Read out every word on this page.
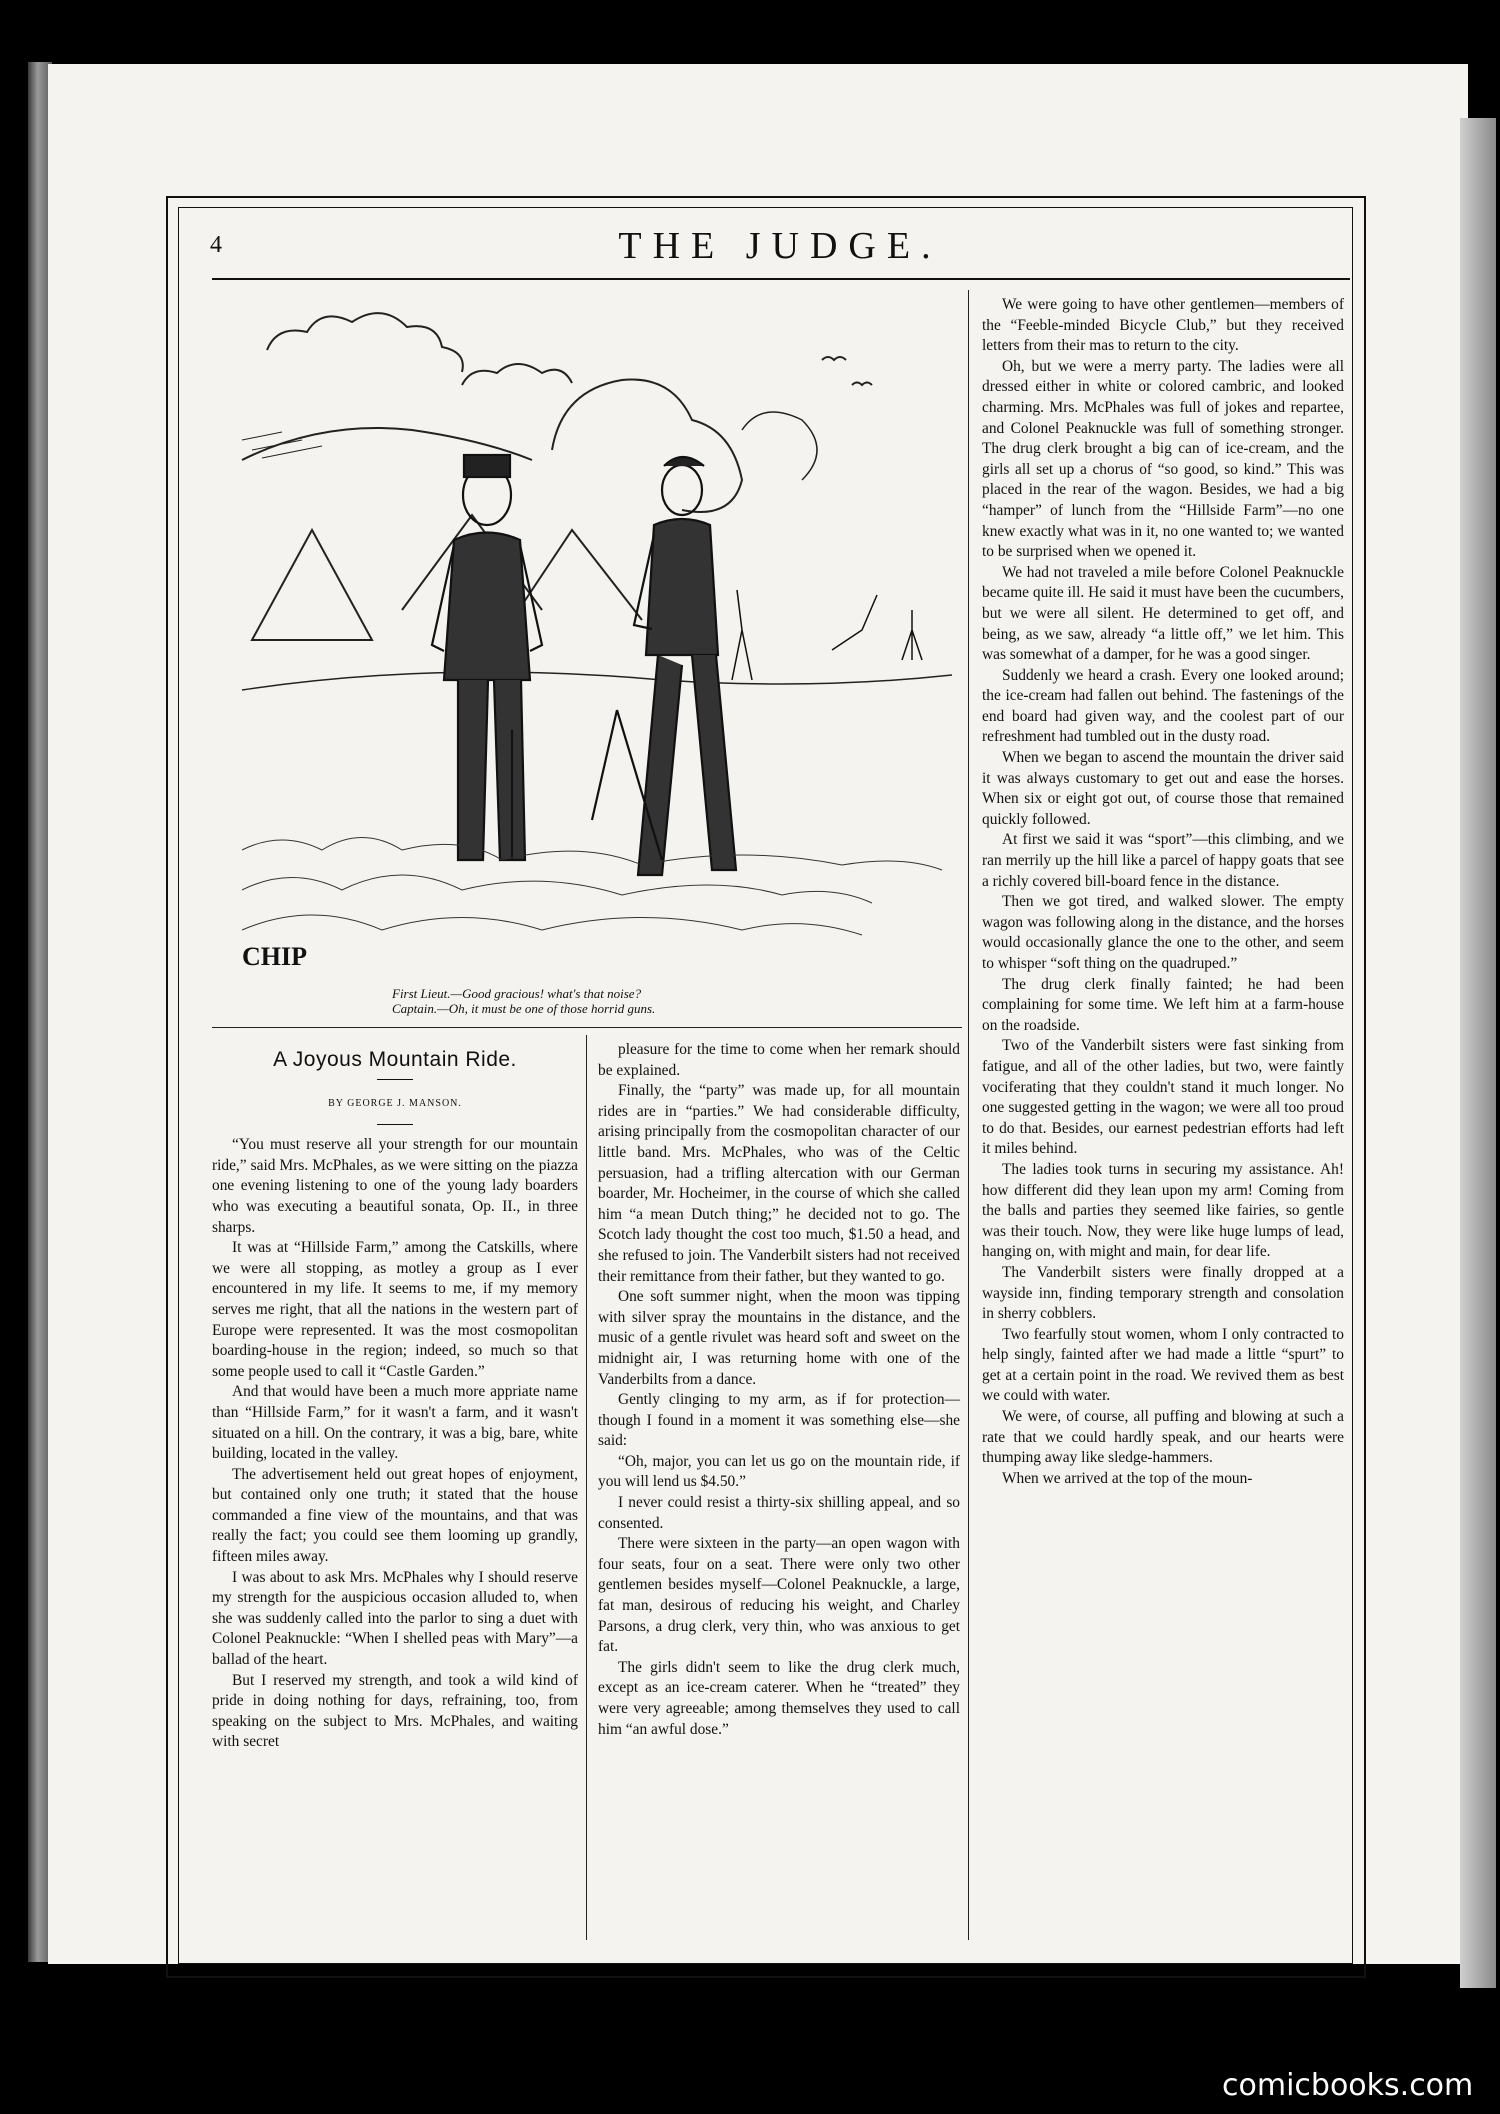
4	THE JUDGE.
CHIP
First Lieut.—Good gracious! what's that noise?
Captain.—Oh, it must be one of those horrid guns.
A Joyous Mountain Ride.
BY GEORGE J. MANSON.

“You must reserve all your strength for our mountain ride,” said Mrs. McPhales, as we were sitting on the piazza one evening listening to one of the young lady boarders who was executing a beautiful sonata, Op. II., in three sharps.

It was at “Hillside Farm,” among the Catskills, where we were all stopping, as motley a group as I ever encountered in my life. It seems to me, if my memory serves me right, that all the nations in the western part of Europe were represented. It was the most cosmopolitan boarding-house in the region; indeed, so much so that some people used to call it “Castle Garden.”

And that would have been a much more appriate name than “Hillside Farm,” for it wasn't a farm, and it wasn't situated on a hill. On the contrary, it was a big, bare, white building, located in the valley.

The advertisement held out great hopes of enjoyment, but contained only one truth; it stated that the house commanded a fine view of the mountains, and that was really the fact; you could see them looming up grandly, fifteen miles away.

I was about to ask Mrs. McPhales why I should reserve my strength for the auspicious occasion alluded to, when she was suddenly called into the parlor to sing a duet with Colonel Peaknuckle: “When I shelled peas with Mary”—a ballad of the heart.

But I reserved my strength, and took a wild kind of pride in doing nothing for days, refraining, too, from speaking on the subject to Mrs. McPhales, and waiting with secret

pleasure for the time to come when her remark should be explained.

Finally, the “party” was made up, for all mountain rides are in “parties.” We had considerable difficulty, arising principally from the cosmopolitan character of our little band. Mrs. McPhales, who was of the Celtic persuasion, had a trifling altercation with our German boarder, Mr. Hocheimer, in the course of which she called him “a mean Dutch thing;” he decided not to go. The Scotch lady thought the cost too much, $1.50 a head, and she refused to join. The Vanderbilt sisters had not received their remittance from their father, but they wanted to go.

One soft summer night, when the moon was tipping with silver spray the mountains in the distance, and the music of a gentle rivulet was heard soft and sweet on the midnight air, I was returning home with one of the Vanderbilts from a dance.

Gently clinging to my arm, as if for protection—though I found in a moment it was something else—she said:

“Oh, major, you can let us go on the mountain ride, if you will lend us $4.50.”

I never could resist a thirty-six shilling appeal, and so consented.

There were sixteen in the party—an open wagon with four seats, four on a seat. There were only two other gentlemen besides myself—Colonel Peaknuckle, a large, fat man, desirous of reducing his weight, and Charley Parsons, a drug clerk, very thin, who was anxious to get fat.

The girls didn't seem to like the drug clerk much, except as an ice-cream caterer. When he “treated” they were very agreeable; among themselves they used to call him “an awful dose.”

We were going to have other gentlemen—members of the “Feeble-minded Bicycle Club,” but they received letters from their mas to return to the city.

Oh, but we were a merry party. The ladies were all dressed either in white or colored cambric, and looked charming. Mrs. McPhales was full of jokes and repartee, and Colonel Peaknuckle was full of something stronger. The drug clerk brought a big can of ice-cream, and the girls all set up a chorus of “so good, so kind.” This was placed in the rear of the wagon. Besides, we had a big “hamper” of lunch from the “Hillside Farm”—no one knew exactly what was in it, no one wanted to; we wanted to be surprised when we opened it.

We had not traveled a mile before Colonel Peaknuckle became quite ill. He said it must have been the cucumbers, but we were all silent. He determined to get off, and being, as we saw, already “a little off,” we let him. This was somewhat of a damper, for he was a good singer.

Suddenly we heard a crash. Every one looked around; the ice-cream had fallen out behind. The fastenings of the end board had given way, and the coolest part of our refreshment had tumbled out in the dusty road.

When we began to ascend the mountain the driver said it was always customary to get out and ease the horses. When six or eight got out, of course those that remained quickly followed.

At first we said it was “sport”—this climbing, and we ran merrily up the hill like a parcel of happy goats that see a richly covered bill-board fence in the distance.

Then we got tired, and walked slower. The empty wagon was following along in the distance, and the horses would occasionally glance the one to the other, and seem to whisper “soft thing on the quadruped.”

The drug clerk finally fainted; he had been complaining for some time. We left him at a farm-house on the roadside.

Two of the Vanderbilt sisters were fast sinking from fatigue, and all of the other ladies, but two, were faintly vociferating that they couldn't stand it much longer. No one suggested getting in the wagon; we were all too proud to do that. Besides, our earnest pedestrian efforts had left it miles behind.

The ladies took turns in securing my assistance. Ah! how different did they lean upon my arm! Coming from the balls and parties they seemed like fairies, so gentle was their touch. Now, they were like huge lumps of lead, hanging on, with might and main, for dear life.

The Vanderbilt sisters were finally dropped at a wayside inn, finding temporary strength and consolation in sherry cobblers.

Two fearfully stout women, whom I only contracted to help singly, fainted after we had made a little “spurt” to get at a certain point in the road. We revived them as best we could with water.

We were, of course, all puffing and blowing at such a rate that we could hardly speak, and our hearts were thumping away like sledge-hammers.

When we arrived at the top of the moun-

comicbooks.com
